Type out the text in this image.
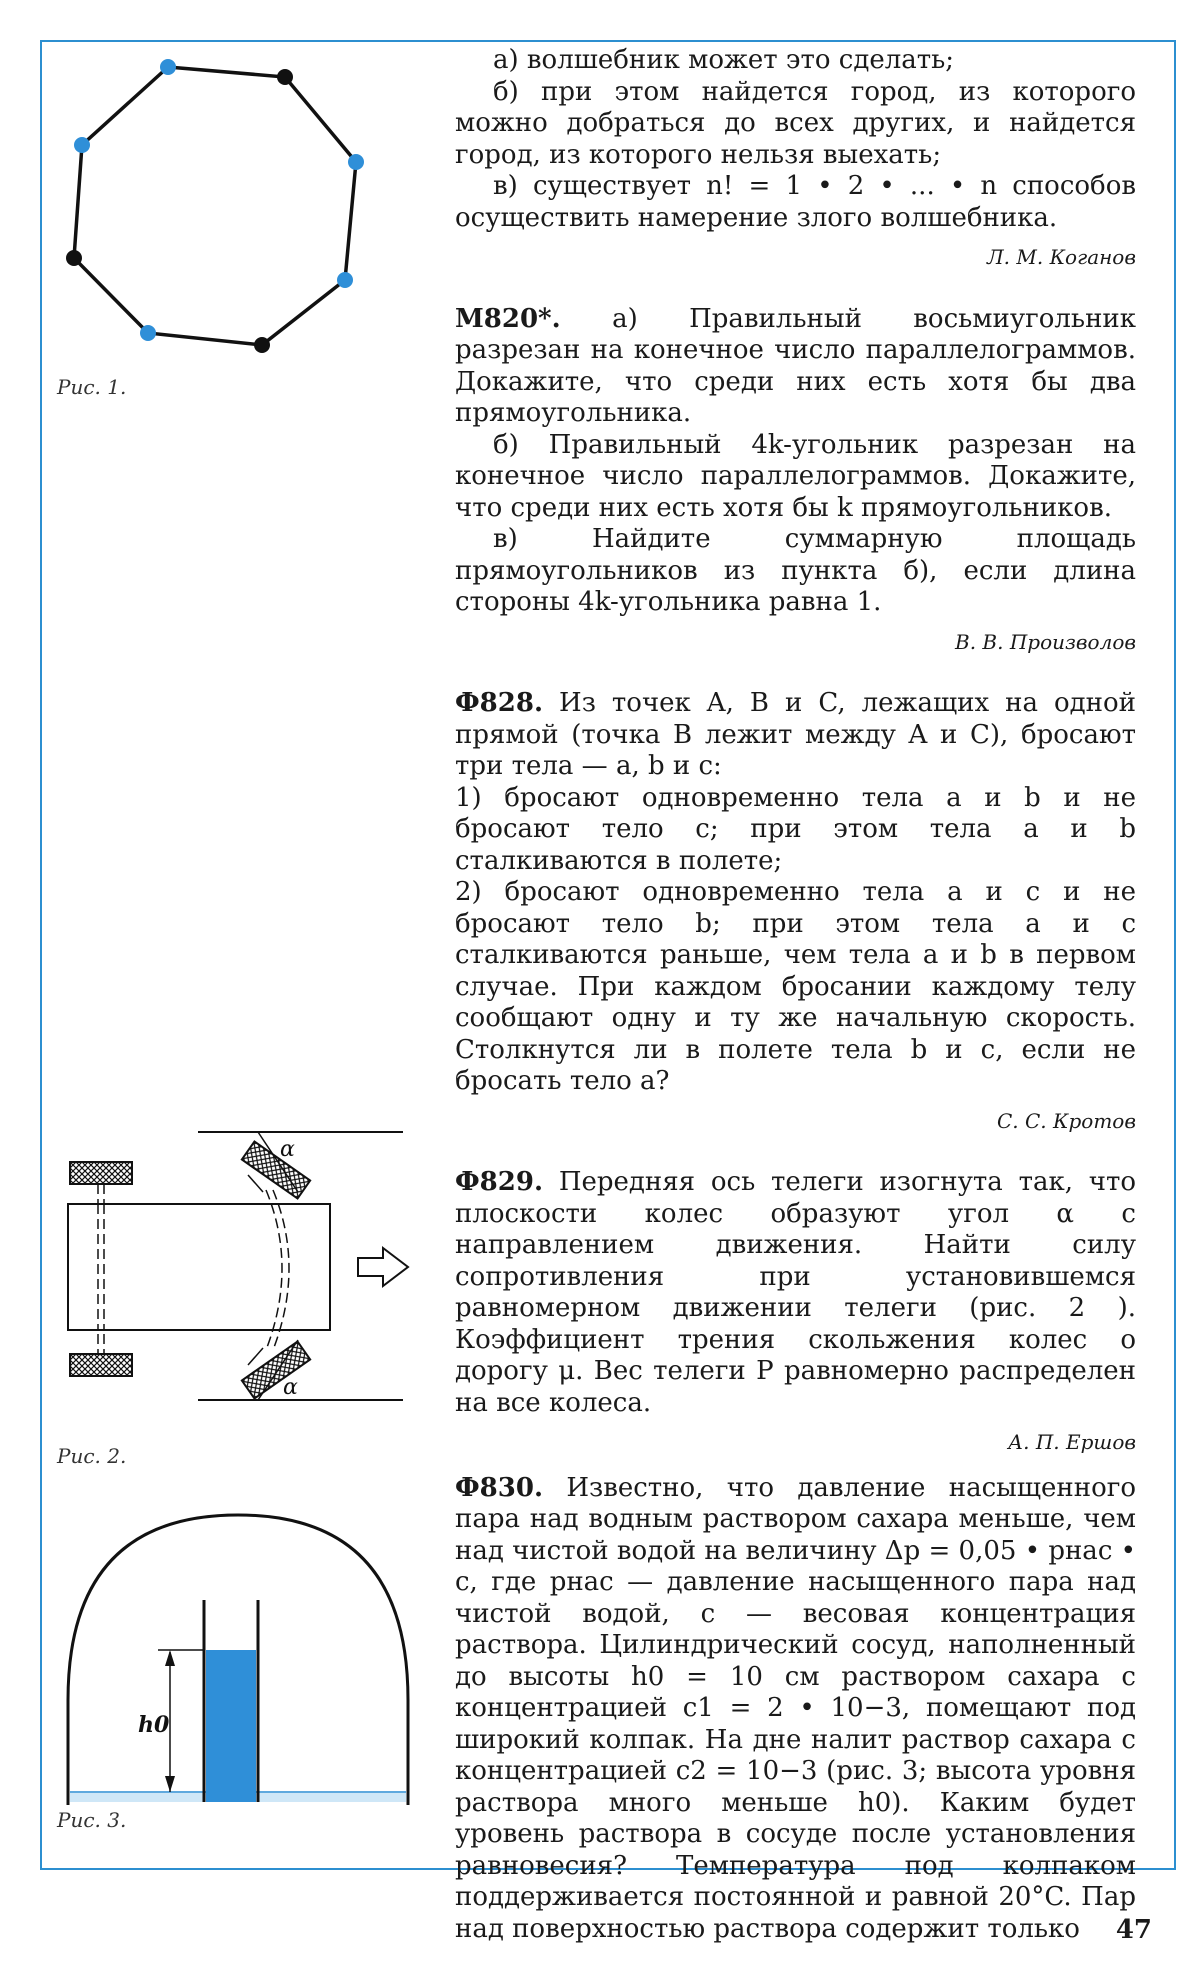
Рис. 1.
α
α
Рис. 2.
h0
Рис. 3.

а) волшебник может это сделать;

б) при этом найдется город, из которого можно добраться до всех других, и найдется город, из которого нельзя выехать;

в) существует n! = 1 • 2 • ... • n способов осуществить намерение злого волшебника.

Л. М. Коганов

М820*. а) Правильный восьмиугольник разрезан на конечное число параллелограммов. Докажите, что среди них есть хотя бы два прямоугольника.

б) Правильный 4k-угольник разрезан на конечное число параллелограммов. Докажите, что среди них есть хотя бы k прямоугольников.

в) Найдите суммарную площадь прямоугольников из пункта б), если длина стороны 4k-угольника равна 1.

В. В. Произволов

Ф828. Из точек A, B и C, лежащих на одной прямой (точка B лежит между A и C), бросают три тела — a, b и c:

1) бросают одновременно тела a и b и не бросают тело c; при этом тела a и b сталкиваются в полете;

2) бросают одновременно тела a и c и не бросают тело b; при этом тела a и c сталкиваются раньше, чем тела a и b в первом случае. При каждом бросании каждому телу сообщают одну и ту же начальную скорость. Столкнутся ли в полете тела b и c, если не бросать тело a?

С. С. Кротов

Ф829. Передняя ось телеги изогнута так, что плоскости колес образуют угол α с направлением движения. Найти силу сопротивления при установившемся равномерном движении телеги (рис. 2 ). Коэффициент трения скольжения колес о дорогу μ. Вес телеги P равномерно распределен на все колеса.

А. П. Ершов

Ф830. Известно, что давление насыщенного пара над водным раствором сахара меньше, чем над чистой водой на величину Δp = 0,05 • pнас • c, где pнас — давление насыщенного пара над чистой водой, c — весовая концентрация раствора. Цилиндрический сосуд, наполненный до высоты h0 = 10 см раствором сахара с концентрацией c1 = 2 • 10−3, помещают под широкий колпак. На дне налит раствор сахара с концентрацией c2 = 10−3 (рис. 3; высота уровня раствора много меньше h0). Каким будет уровень раствора в сосуде после установления равновесия? Температура под колпаком поддерживается постоянной и равной 20°C. Пар над поверхностью раствора содержит только	47
